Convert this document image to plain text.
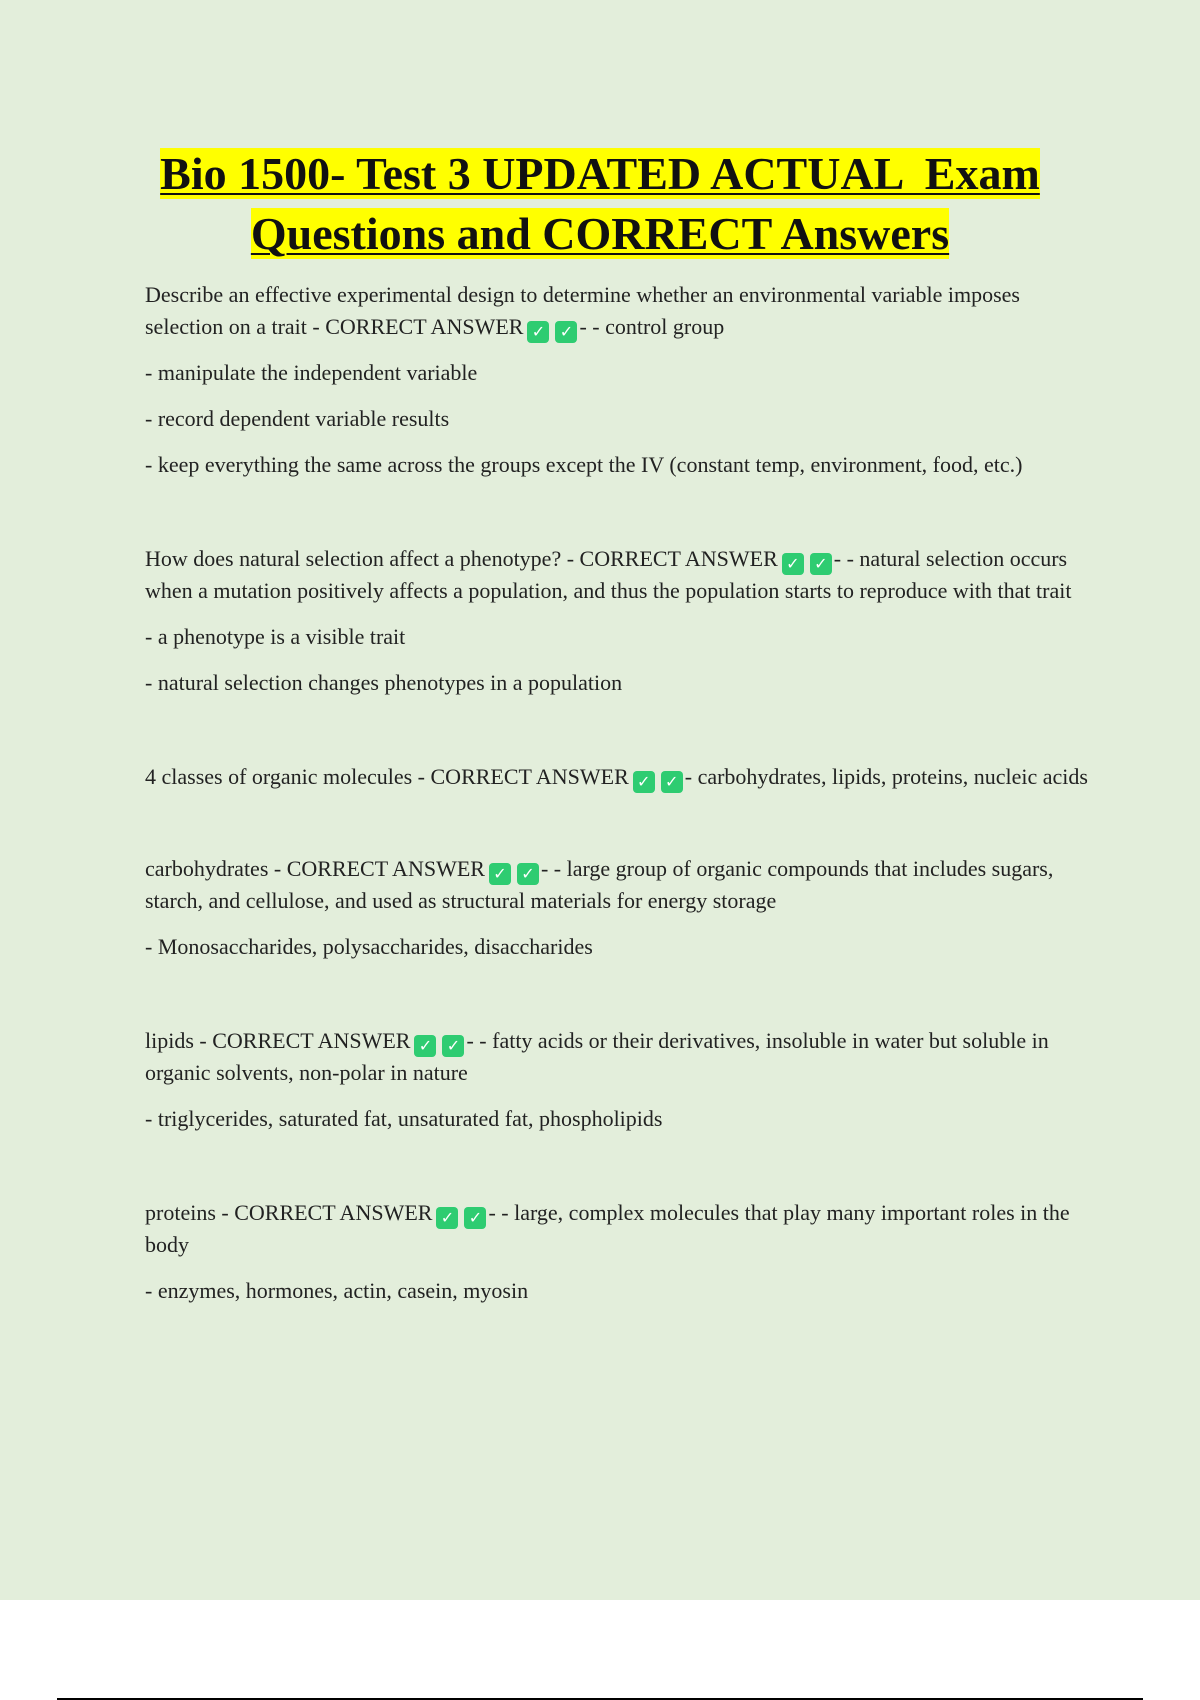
Bio 1500- Test 3 UPDATED ACTUAL  Exam
Questions and CORRECT Answers

Describe an effective experimental design to determine whether an environmental variable imposes selection on a trait - CORRECT ANSWER ✓ ✓ - - control group

- manipulate the independent variable

- record dependent variable results

- keep everything the same across the groups except the IV (constant temp, environment, food, etc.)

How does natural selection affect a phenotype? - CORRECT ANSWER ✓ ✓ - - natural selection occurs when a mutation positively affects a population, and thus the population starts to reproduce with that trait

- a phenotype is a visible trait

- natural selection changes phenotypes in a population

4 classes of organic molecules - CORRECT ANSWER ✓ ✓ - carbohydrates, lipids, proteins, nucleic acids

carbohydrates - CORRECT ANSWER ✓ ✓ - - large group of organic compounds that includes sugars, starch, and cellulose, and used as structural materials for energy storage

- Monosaccharides, polysaccharides, disaccharides

lipids - CORRECT ANSWER ✓ ✓ - - fatty acids or their derivatives, insoluble in water but soluble in organic solvents, non-polar in nature

- triglycerides, saturated fat, unsaturated fat, phospholipids

proteins - CORRECT ANSWER ✓ ✓ - - large, complex molecules that play many important roles in the body

- enzymes, hormones, actin, casein, myosin
